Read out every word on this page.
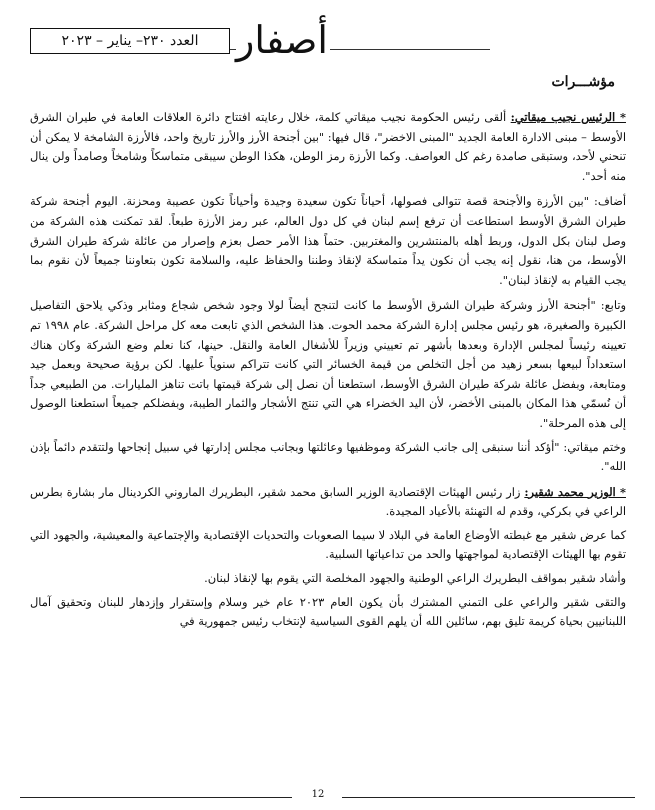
العدد ٢٣٠– يناير – ٢٠٢٣ أصفار
مؤشـــرات

* الرئيس نجيب ميقاتي: ألقى رئيس الحكومة نجيب ميقاتي كلمة، خلال رعايته افتتاح دائرة العلاقات العامة في طيران الشرق الأوسط – مبنى الادارة العامة الجديد "المبنى الاخضر"، قال فيها: "بين أجنحة الأرز والأرز تاريخ واحد، فالأرزة الشامخة لا يمكن أن تنحني لأحد، وستبقى صامدة رغم كل العواصف. وكما الأرزة رمز الوطن، هكذا الوطن سيبقى متماسكاً وشامخاً وصامداً ولن ينال منه أحد".

أضاف: "بين الأرزة والأجنحة قصة تتوالى فصولها، أحياناً تكون سعيدة وجيدة وأحياناً تكون عصيبة ومحزنة. اليوم أجنحة شركة طيران الشرق الأوسط استطاعت أن ترفع إسم لبنان في كل دول العالم، عبر رمز الأرزة طبعاً. لقد تمكنت هذه الشركة من وصل لبنان بكل الدول، وربط أهله بالمنتشرين والمغتربين. حتماً هذا الأمر حصل بعزم وإصرار من عائلة شركة طيران الشرق الأوسط، من هنا، نقول إنه يجب أن نكون يداً متماسكة لإنقاذ وطننا والحفاظ عليه، والسلامة تكون بتعاوننا جميعاً لأن نقوم بما يجب القيام به لإنقاذ لبنان".

وتابع: "أجنحة الأرز وشركة طيران الشرق الأوسط ما كانت لتنجح أيضاً لولا وجود شخص شجاع ومثابر وذكي يلاحق التفاصيل الكبيرة والصغيرة، هو رئيس مجلس إدارة الشركة محمد الحوت. هذا الشخص الذي تابعت معه كل مراحل الشركة. عام ١٩٩٨ تم تعيينه رئيساً لمجلس الإدارة وبعدها بأشهر تم تعييني وزيراً للأشغال العامة والنقل. حينها، كنا نعلم وضع الشركة وكان هناك استعداداً لبيعها بسعر زهيد من أجل التخلص من قيمة الخسائر التي كانت تتراكم سنوياً عليها. لكن برؤية صحيحة وبعمل جيد ومتابعة، وبفضل عائلة شركة طيران الشرق الأوسط، استطعنا أن نصل إلى شركة قيمتها باتت تناهز المليارات. من الطبيعي جداً أن نُسمّي هذا المكان بالمبنى الأخضر، لأن اليد الخضراء هي التي تنتج الأشجار والثمار الطيبة، وبفضلكم جميعاً استطعنا الوصول إلى هذه المرحلة".

وختم ميقاتي: "أؤكد أننا سنبقى إلى جانب الشركة وموظفيها وعائلتها وبجانب مجلس إدارتها في سبيل إنجاحها ولتتقدم دائماً بإذن الله".

* الوزير محمد شقير: زار رئيس الهيئات الإقتصادية الوزير السابق محمد شقير، البطريرك الماروني الكردينال مار بشارة بطرس الراعي في بكركي، وقدم له التهنئة بالأعياد المجيدة.

كما عرض شقير مع غبطته الأوضاع العامة في البلاد لا سيما الصعوبات والتحديات الإقتصادية والإجتماعية والمعيشية، والجهود التي تقوم بها الهيئات الإقتصادية لمواجهتها والحد من تداعياتها السلبية.

وأشاد شقير بمواقف البطريرك الراعي الوطنية والجهود المخلصة التي يقوم بها لإنقاذ لبنان.

والتقى شقير والراعي على التمني المشترك بأن يكون العام ٢٠٢٣ عام خير وسلام وإستقرار وإزدهار للبنان وتحقيق آمال اللبنانيين بحياة كريمة تليق بهم، سائلين الله أن يلهم القوى السياسية لإنتخاب رئيس جمهورية في

12
